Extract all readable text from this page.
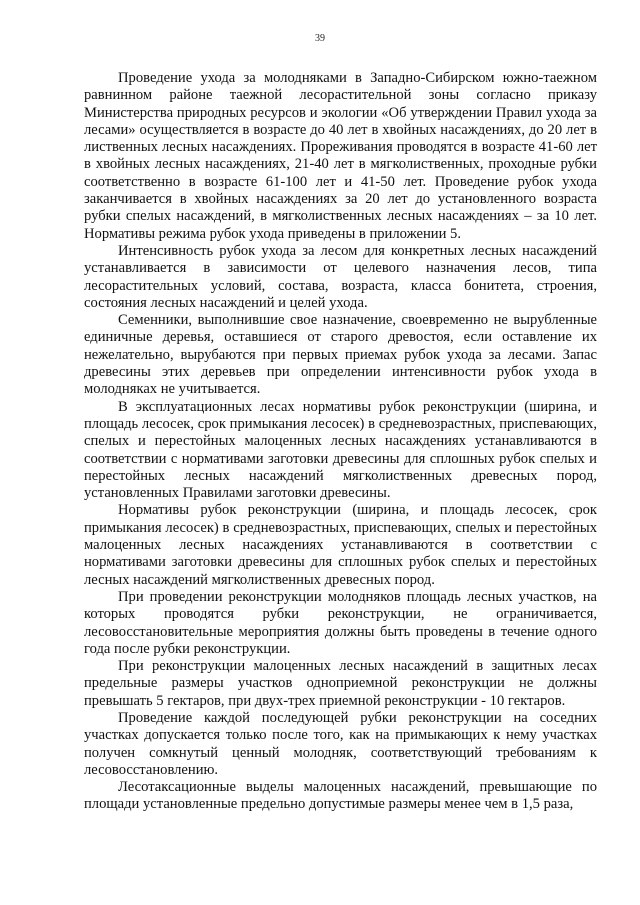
39

Проведение ухода за молодняками в Западно-Сибирском южно-таежном равнинном районе таежной лесорастительной зоны согласно приказу Министерства природных ресурсов и экологии «Об утверждении Правил ухода за лесами» осуществляется в возрасте до 40 лет в хвойных насаждениях, до 20 лет в лиственных лесных насаждениях. Прореживания проводятся в возрасте 41-60 лет в хвойных лесных насаждениях, 21-40 лет в мягколиственных, проходные рубки соответственно в возрасте 61-100 лет и 41-50 лет. Проведение рубок ухода заканчивается в хвойных насаждениях за 20 лет до установленного возраста рубки спелых насаждений, в мягколиственных лесных насаждениях – за 10 лет. Нормативы режима рубок ухода приведены в приложении 5.

Интенсивность рубок ухода за лесом для конкретных лесных насаждений устанавливается в зависимости от целевого назначения лесов, типа лесорастительных условий, состава, возраста, класса бонитета, строения, состояния лесных насаждений и целей ухода.

Семенники, выполнившие свое назначение, своевременно не вырубленные единичные деревья, оставшиеся от старого древостоя, если оставление их нежелательно, вырубаются при первых приемах рубок ухода за лесами. Запас древесины этих деревьев при определении интенсивности рубок ухода в молодняках не учитывается.

В эксплуатационных лесах нормативы рубок реконструкции (ширина, и площадь лесосек, срок примыкания лесосек) в средневозрастных, приспевающих, спелых и перестойных малоценных лесных насаждениях устанавливаются в соответствии с нормативами заготовки древесины для сплошных рубок спелых и перестойных лесных насаждений мягколиственных древесных пород, установленных Правилами заготовки древесины.

Нормативы рубок реконструкции (ширина, и площадь лесосек, срок примыкания лесосек) в средневозрастных, приспевающих, спелых и перестойных малоценных лесных насаждениях устанавливаются в соответствии с нормативами заготовки древесины для сплошных рубок спелых и перестойных лесных насаждений мягколиственных древесных пород.

При проведении реконструкции молодняков площадь лесных участков, на которых проводятся рубки реконструкции, не ограничивается, лесовосстановительные мероприятия должны быть проведены в течение одного года после рубки реконструкции.

При реконструкции малоценных лесных насаждений в защитных лесах предельные размеры участков одноприемной реконструкции не должны превышать 5 гектаров, при двух-трех приемной реконструкции - 10 гектаров.

Проведение каждой последующей рубки реконструкции на соседних участках допускается только после того, как на примыкающих к нему участках получен сомкнутый ценный молодняк, соответствующий требованиям к лесовосстановлению.

Лесотаксационные выделы малоценных насаждений, превышающие по площади установленные предельно допустимые размеры менее чем в 1,5 раза,
